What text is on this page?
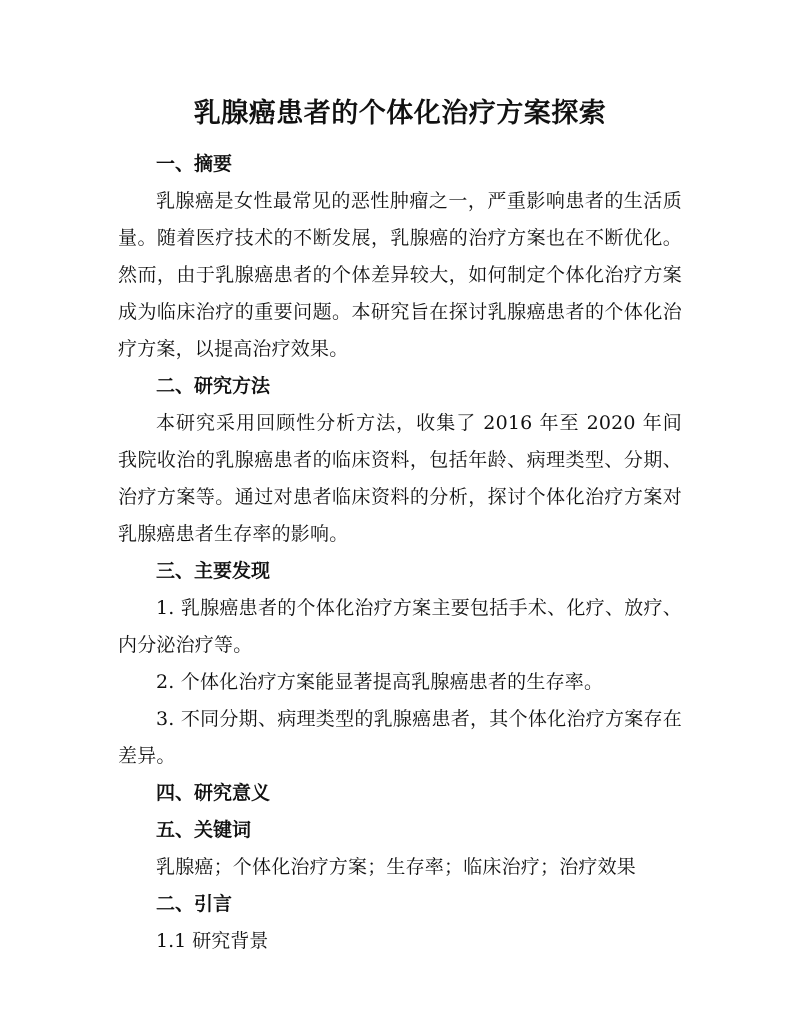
乳腺癌患者的个体化治疗方案探索
一、摘要

乳腺癌是女性最常见的恶性肿瘤之一，严重影响患者的生活质量。随着医疗技术的不断发展，乳腺癌的治疗方案也在不断优化。然而，由于乳腺癌患者的个体差异较大，如何制定个体化治疗方案成为临床治疗的重要问题。本研究旨在探讨乳腺癌患者的个体化治疗方案，以提高治疗效果。

二、研究方法

本研究采用回顾性分析方法，收集了 2016 年至 2020 年间我院收治的乳腺癌患者的临床资料，包括年龄、病理类型、分期、治疗方案等。通过对患者临床资料的分析，探讨个体化治疗方案对乳腺癌患者生存率的影响。

三、主要发现

1. 乳腺癌患者的个体化治疗方案主要包括手术、化疗、放疗、内分泌治疗等。

2. 个体化治疗方案能显著提高乳腺癌患者的生存率。

3. 不同分期、病理类型的乳腺癌患者，其个体化治疗方案存在差异。

四、研究意义
五、关键词

乳腺癌；个体化治疗方案；生存率；临床治疗；治疗效果

二、引言

1.1 研究背景
